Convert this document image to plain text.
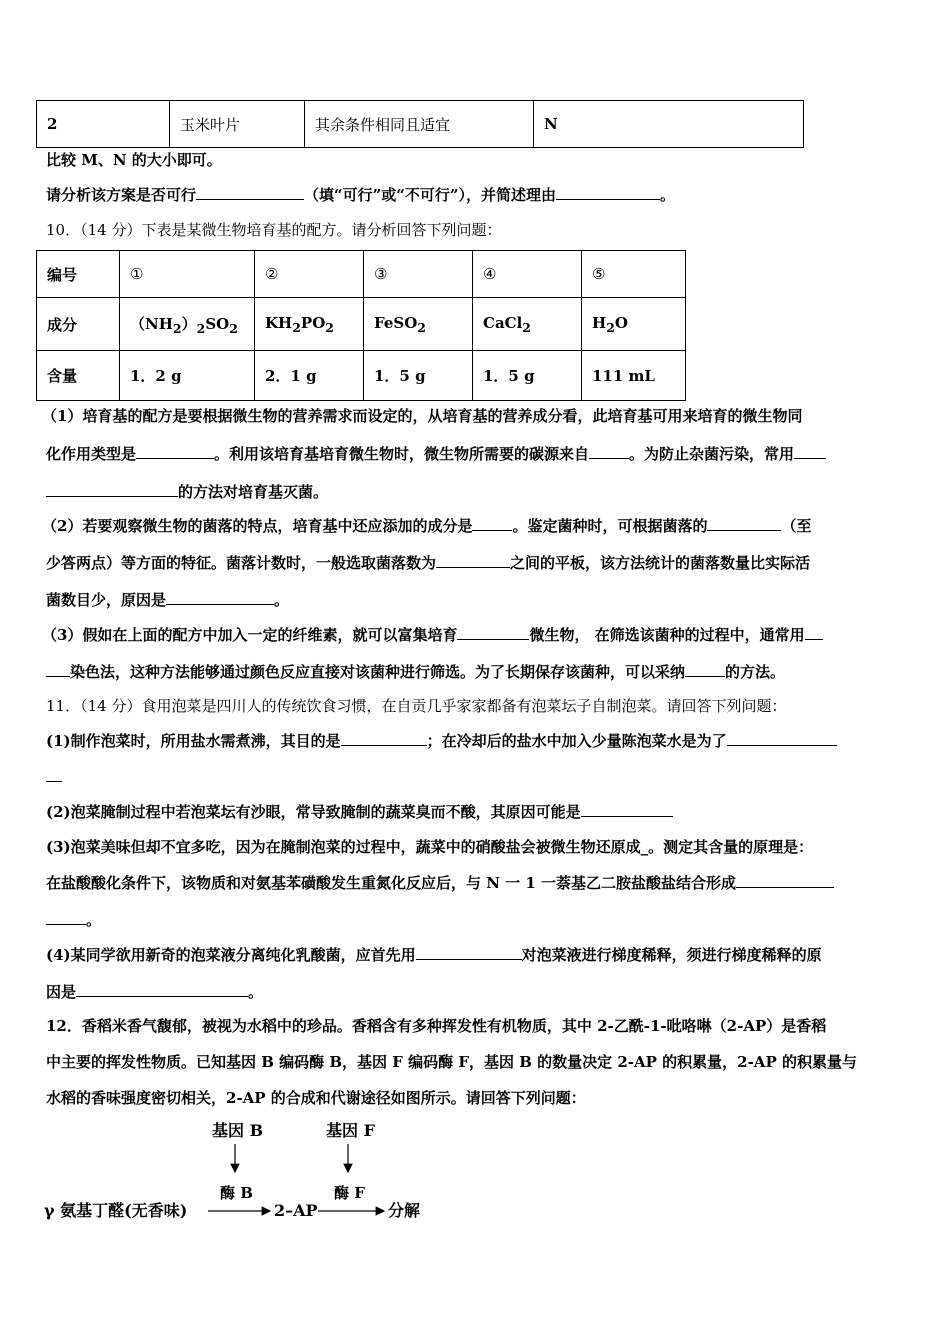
2	玉米叶片	其余条件相同且适宜	N
比较 M、N 的大小即可。
请分析该方案是否可行	（填“可行”或“不可行”），并简述理由	。
10．（14 分）下表是某微生物培育基的配方。请分析回答下列问题：
编号	①	②	③	④	⑤
成分	$(NH_2)_2SO_2$	$KH_2PO_2$	FeSO$_2$	CaCl$_2$	$H_2O$
含量	1．2 g	2．1 g	1．5 g	1．5 g	111 mL
（1）培育基的配方是要根据微生物的营养需求而设定的，从培育基的营养成分看，此培育基可用来培育的微生物同
化作用类型是	。利用该培育基培育微生物时，微生物所需要的碳源来自	。为防止杂菌污染，常用
的方法对培育基灭菌。
（2）若要观察微生物的菌落的特点，培育基中还应添加的成分是	。鉴定菌种时，可根据菌落的	（至
少答两点）等方面的特征。菌落计数时，一般选取菌落数为	之间的平板，该方法统计的菌落数量比实际活
菌数目少，原因是	。
（3）假如在上面的配方中加入一定的纤维素，就可以富集培育	微生物， 在筛选该菌种的过程中，通常用
染色法，这种方法能够通过颜色反应直接对该菌种进行筛选。为了长期保存该菌种，可以采纳	的方法。
11．（14 分）食用泡菜是四川人的传统饮食习惯，在自贡几乎家家都备有泡菜坛子自制泡菜。请回答下列问题：
(1)制作泡菜时，所用盐水需煮沸，其目的是	；在冷却后的盐水中加入少量陈泡菜水是为了
(2)泡菜腌制过程中若泡菜坛有沙眼，常导致腌制的蔬菜臭而不酸，其原因可能是
(3)泡菜美味但却不宜多吃，因为在腌制泡菜的过程中，蔬菜中的硝酸盐会被微生物还原成_。测定其含量的原理是：
在盐酸酸化条件下，该物质和对氨基苯磺酸发生重氮化反应后，与 N 一 1 一萘基乙二胺盐酸盐结合形成
。
(4)某同学欲用新奇的泡菜液分离纯化乳酸菌，应首先用	对泡菜液进行梯度稀释，须进行梯度稀释的原
因是	。
12．香稻米香气馥郁，被视为水稻中的珍品。香稻含有多种挥发性有机物质，其中 2-乙酰-1-吡咯啉（2-AP）是香稻
中主要的挥发性物质。已知基因 B 编码酶 B，基因 F 编码酶 F，基因 B 的数量决定 2-AP 的积累量，2-AP 的积累量与
水稻的香味强度密切相关，2-AP 的合成和代谢途径如图所示。请回答下列问题：
基因 B	基因 F
酶 B	酶 F
γ 氨基丁醛(无香味)	2–AP	分解
